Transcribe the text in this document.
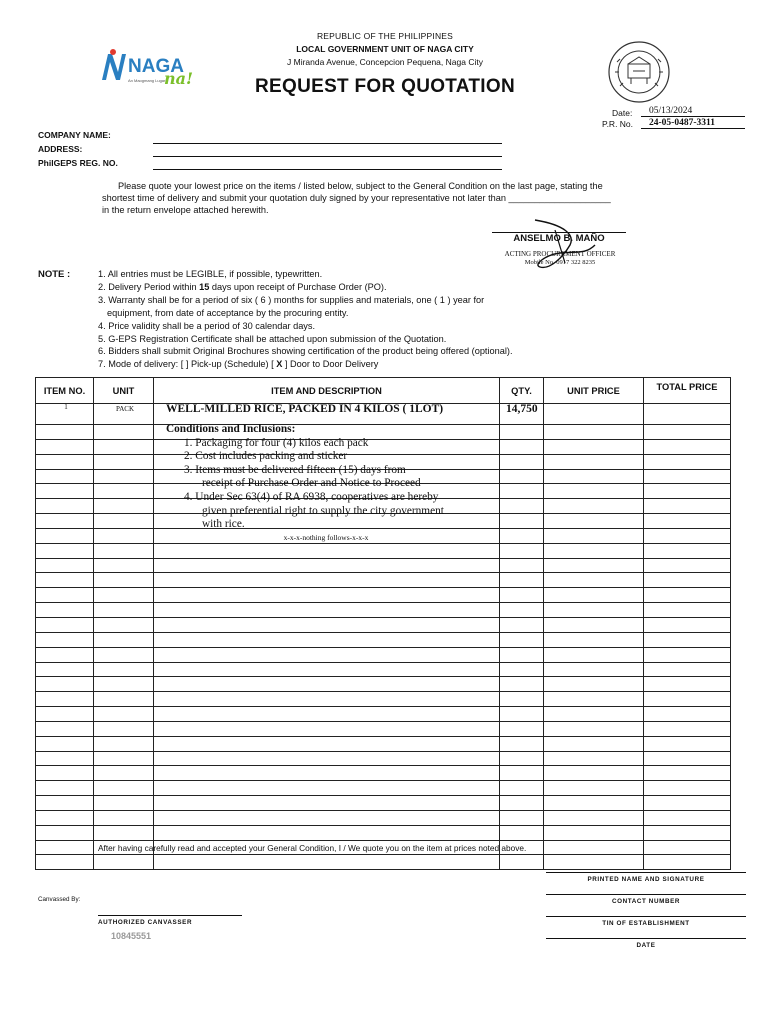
NAGA
na!
An Maogmang Lugar
REPUBLIC OF THE PHILIPPINES
LOCAL GOVERNMENT UNIT OF NAGA CITY
J Miranda Avenue, Concepcion Pequena, Naga City
REQUEST FOR QUOTATION
Date:	05/13/2024
P.R. No.	24-05-0487-3311
COMPANY NAME:
ADDRESS:
PhilGEPS REG. NO.
Please quote your lowest price on the items / listed below, subject to the General Condition on the last page, stating the
shortest time of delivery and submit your quotation duly signed by your representative not later than ____________________
in the return envelope attached herewith.
ANSELMO B. MAÑO
ACTING PROCUREMENT OFFICER
Mobile No. 0917 322 8235
NOTE :	1. All entries must be LEGIBLE, if possible, typewritten.
2. Delivery Period within 15 days upon receipt of Purchase Order (PO).
3. Warranty shall be for a period of six ( 6 ) months for supplies and materials, one ( 1 ) year for
equipment, from date of acceptance by the procuring entity.
4. Price validity shall be a period of 30 calendar days.
5. G-EPS Registration Certificate shall be attached upon submission of the Quotation.
6. Bidders shall submit Original Brochures showing certification of the product being offered (optional).
7. Mode of delivery: [ ] Pick-up (Schedule) [ X ] Door to Door Delivery
ITEM NO.	UNIT	ITEM AND DESCRIPTION	QTY.	UNIT PRICE	TOTAL PRICE

1	PACK	WELL-MILLED RICE, PACKED IN 4 KILOS ( 1LOT)	14,750
Conditions and Inclusions:
1. Packaging for four (4) kilos each pack
2. Cost includes packing and sticker
3. Items must be delivered fifteen (15) days from
receipt of Purchase Order and Notice to Proceed
4. Under Sec 63(4) of RA 6938, cooperatives are hereby
given preferential right to supply the city government
with rice.
x-x-x-nothing follows-x-x-x
After having carefully read and accepted your General Condition, I / We quote you on the item at prices noted above.
PRINTED NAME AND SIGNATURE
Canvassed By:	CONTACT NUMBER
AUTHORIZED CANVASSER	TIN OF ESTABLISHMENT
10845551
DATE
